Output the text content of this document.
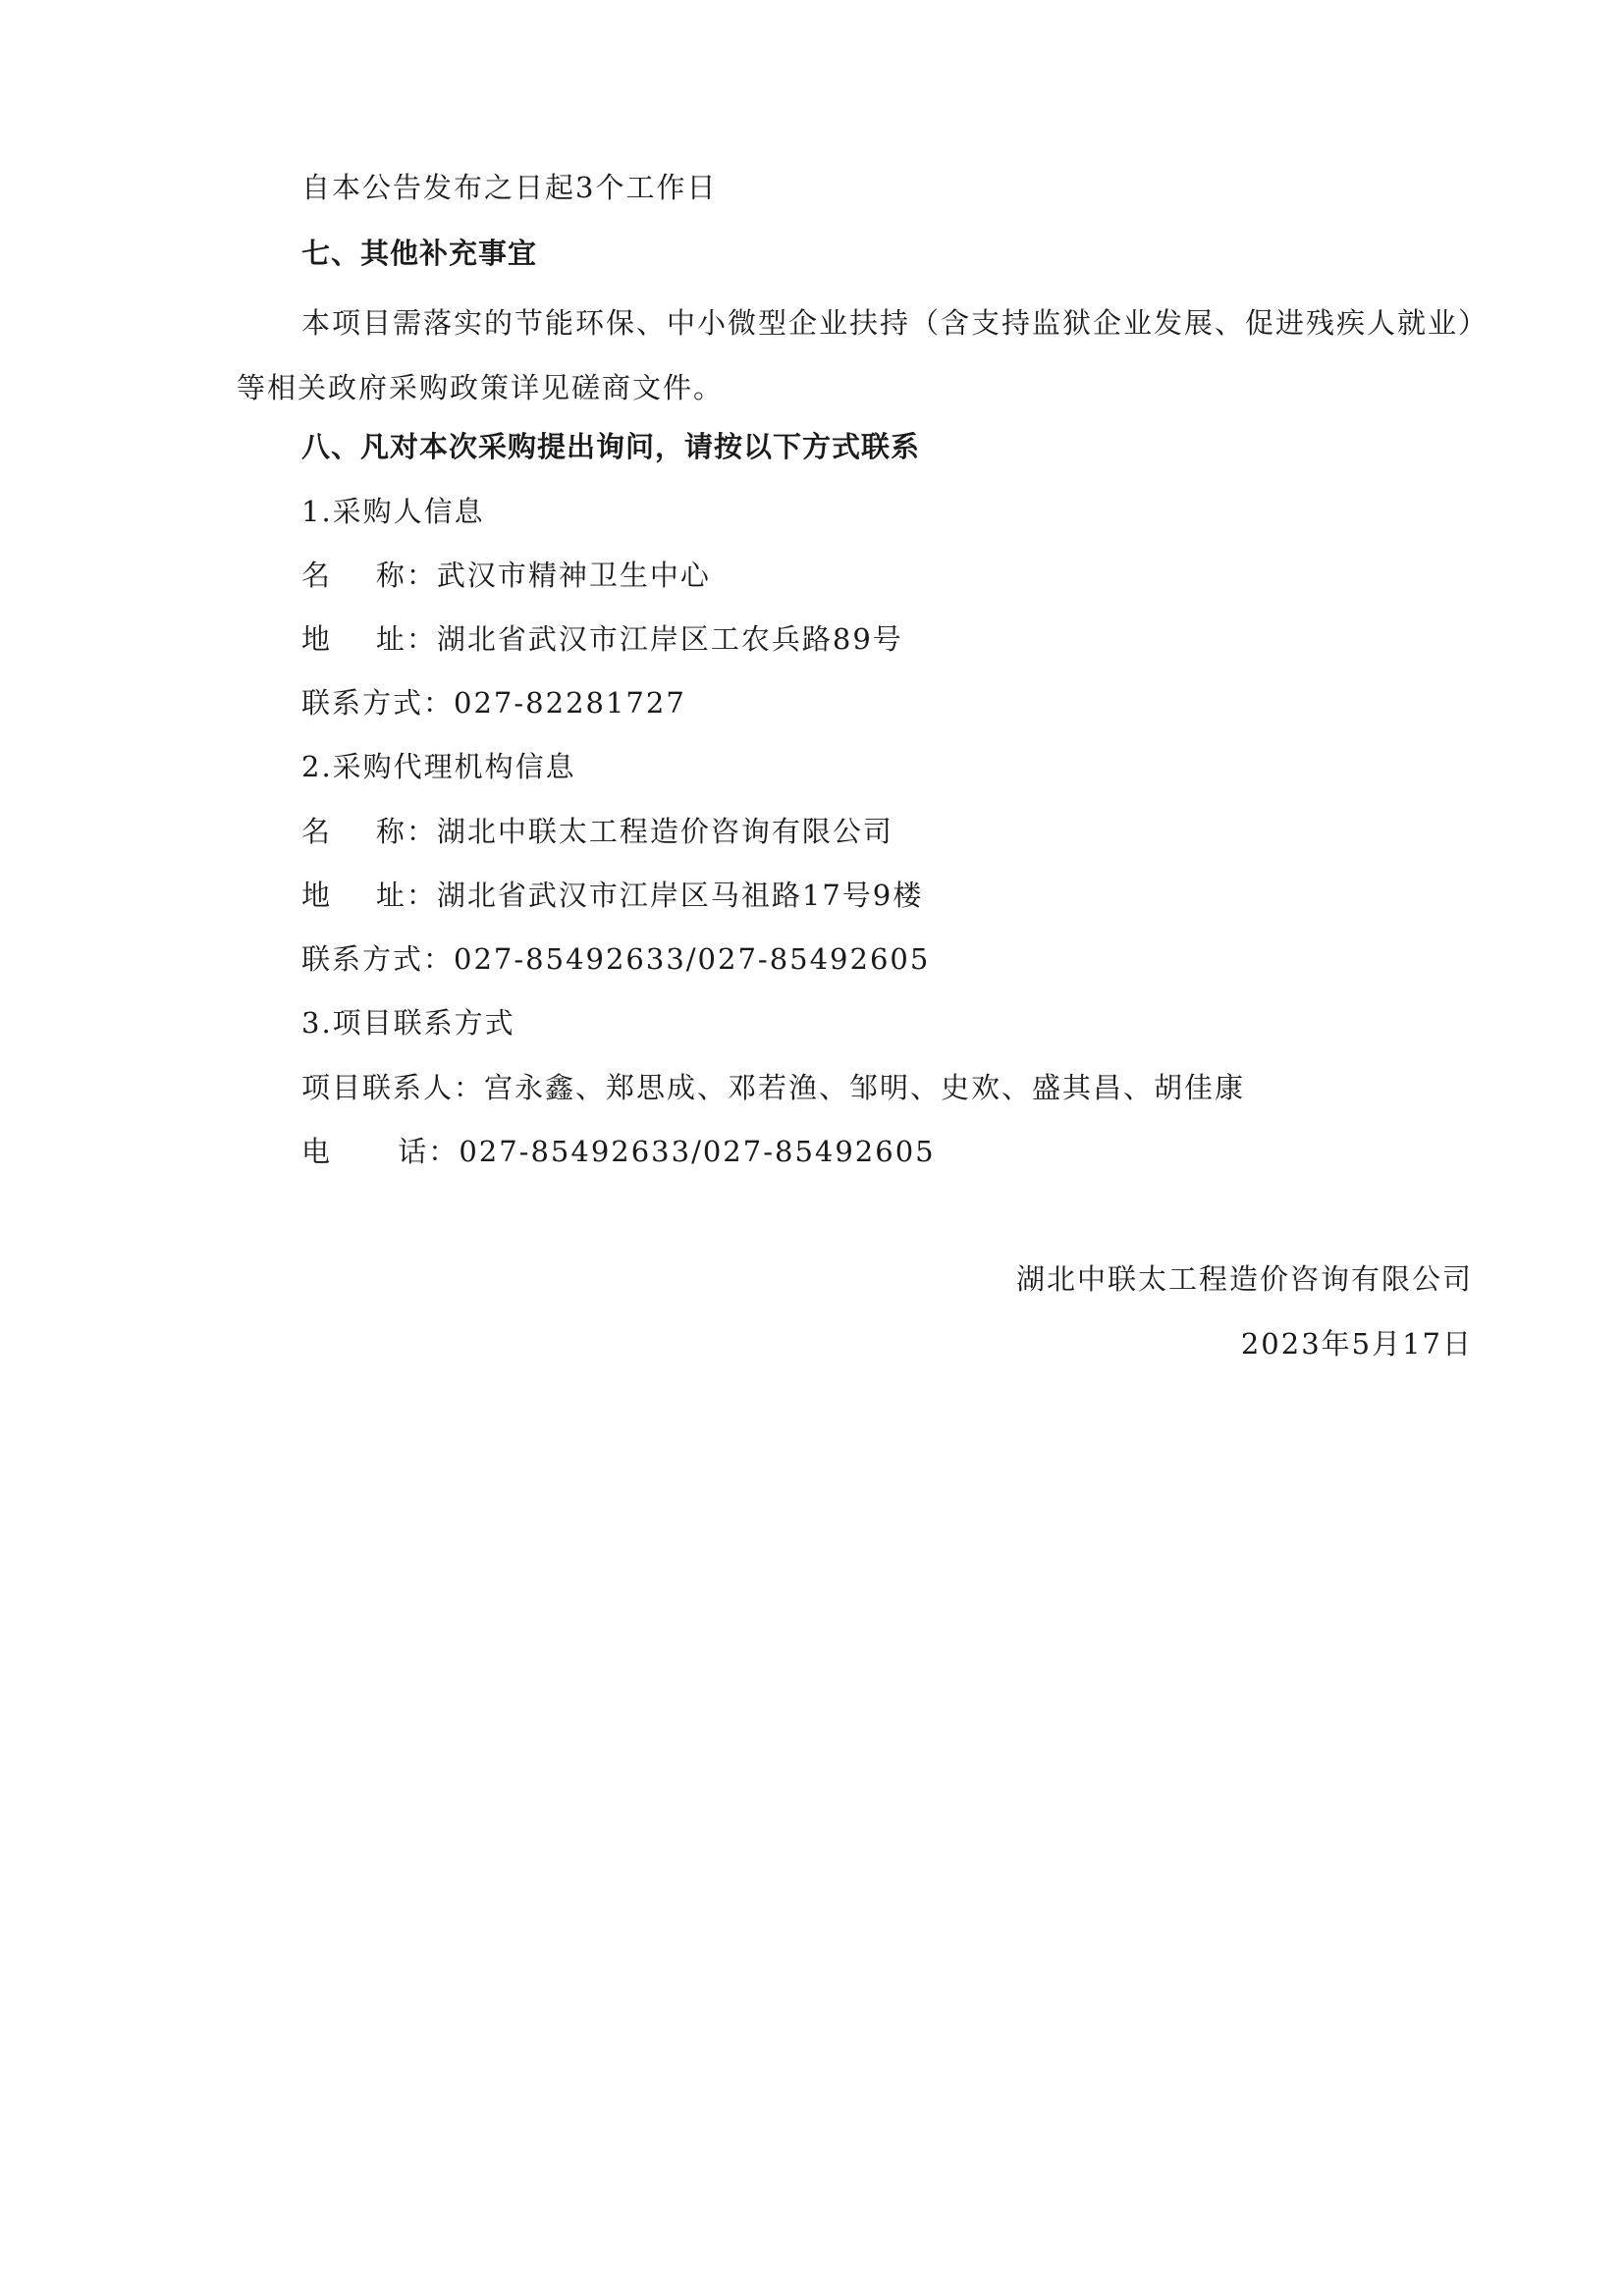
自本公告发布之日起3个工作日
七、其他补充事宜

本项目需落实的节能环保、中小微型企业扶持（含支持监狱企业发展、促进残疾人就业）等相关政府采购政策详见磋商文件。

八、凡对本次采购提出询问，请按以下方式联系
1.采购人信息
名    称：武汉市精神卫生中心
地    址：湖北省武汉市江岸区工农兵路89号
联系方式：027-82281727
2.采购代理机构信息
名    称：湖北中联太工程造价咨询有限公司
地    址：湖北省武汉市江岸区马祖路17号9楼
联系方式：027-85492633/027-85492605
3.项目联系方式
项目联系人：宫永鑫、郑思成、邓若渔、邹明、史欢、盛其昌、胡佳康
电      话：027-85492633/027-85492605
湖北中联太工程造价咨询有限公司
2023年5月17日
